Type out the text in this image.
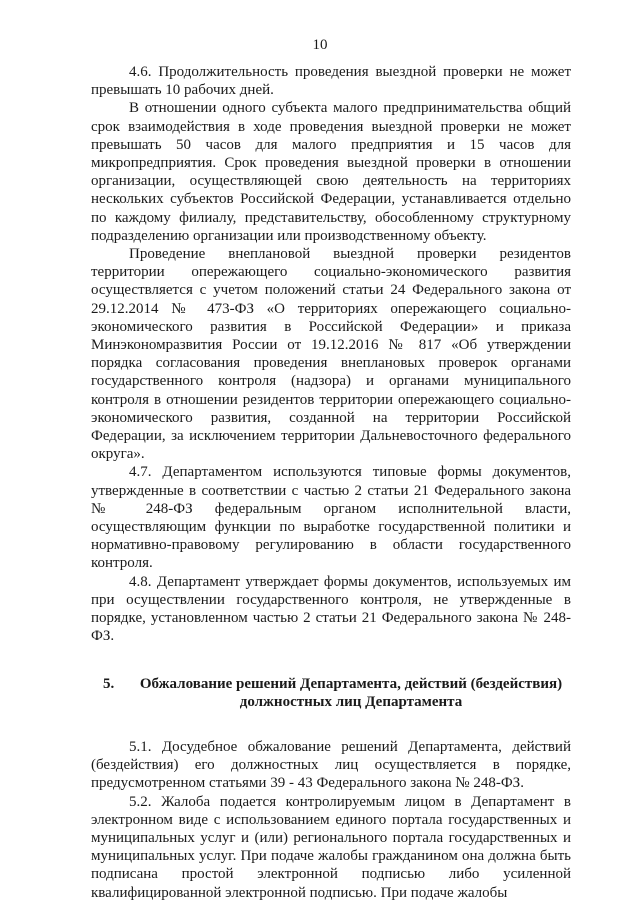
10

4.6. Продолжительность проведения выездной проверки не может превышать 10 рабочих дней.

В отношении одного субъекта малого предпринимательства общий срок взаимодействия в ходе проведения выездной проверки не может превышать 50 часов для малого предприятия и 15 часов для микропредприятия. Срок проведения выездной проверки в отношении организации, осуществляющей свою деятельность на территориях нескольких субъектов Российской Федерации, устанавливается отдельно по каждому филиалу, представительству, обособленному структурному подразделению организации или производственному объекту.

Проведение внеплановой выездной проверки резидентов территории опережающего социально-экономического развития осуществляется с учетом положений статьи 24 Федерального закона от 29.12.2014 № 473-ФЗ «О территориях опережающего социально-экономического развития в Российской Федерации» и приказа Минэкономразвития России от 19.12.2016 № 817 «Об утверждении порядка согласования проведения внеплановых проверок органами государственного контроля (надзора) и органами муниципального контроля в отношении резидентов территории опережающего социально-экономического развития, созданной на территории Российской Федерации, за исключением территории Дальневосточного федерального округа».

4.7. Департаментом используются типовые формы документов, утвержденные в соответствии с частью 2 статьи 21 Федерального закона № 248-ФЗ федеральным органом исполнительной власти, осуществляющим функции по выработке государственной политики и нормативно-правовому регулированию в области государственного контроля.

4.8. Департамент утверждает формы документов, используемых им при осуществлении государственного контроля, не утвержденные в порядке, установленном частью 2 статьи 21 Федерального закона № 248-ФЗ.

5.	Обжалование решений Департамента, действий (бездействия)
должностных лиц Департамента

5.1. Досудебное обжалование решений Департамента, действий (бездействия) его должностных лиц осуществляется в порядке, предусмотренном статьями 39 - 43 Федерального закона № 248-ФЗ.

5.2. Жалоба подается контролируемым лицом в Департамент в электронном виде с использованием единого портала государственных и муниципальных услуг и (или) регионального портала государственных и муниципальных услуг. При подаче жалобы гражданином она должна быть подписана простой электронной подписью либо усиленной квалифицированной электронной подписью. При подаче жалобы
